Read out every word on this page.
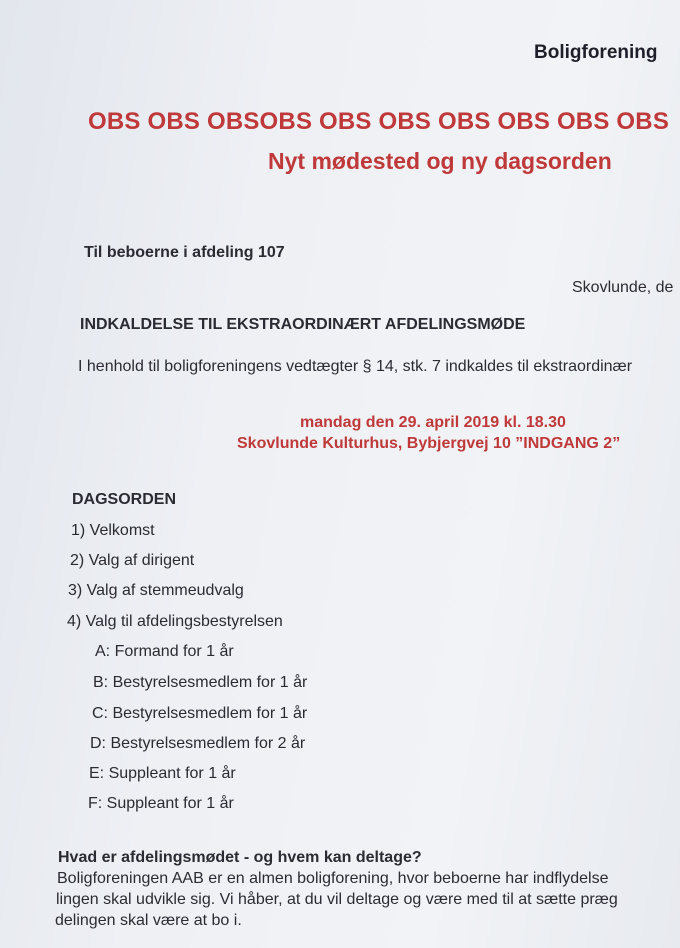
Boligforening
OBS OBS OBSOBS OBS OBS OBS OBS OBS OBS
Nyt mødested og ny dagsorden
Til beboerne i afdeling 107
Skovlunde, de
INDKALDELSE TIL EKSTRAORDINÆRT AFDELINGSMØDE
I henhold til boligforeningens vedtægter § 14, stk. 7 indkaldes til ekstraordinær
mandag den 29. april 2019 kl. 18.30
Skovlunde Kulturhus, Bybjergvej 10 ”INDGANG 2”
DAGSORDEN
1) Velkomst
2) Valg af dirigent
3) Valg af stemmeudvalg
4) Valg til afdelingsbestyrelsen
A: Formand for 1 år
B: Bestyrelsesmedlem for 1 år
C: Bestyrelsesmedlem for 1 år
D: Bestyrelsesmedlem for 2 år
E: Suppleant for 1 år
F: Suppleant for 1 år
Hvad er afdelingsmødet - og hvem kan deltage?
Boligforeningen AAB er en almen boligforening, hvor beboerne har indflydelse
lingen skal udvikle sig. Vi håber, at du vil deltage og være med til at sætte præg
delingen skal være at bo i.
